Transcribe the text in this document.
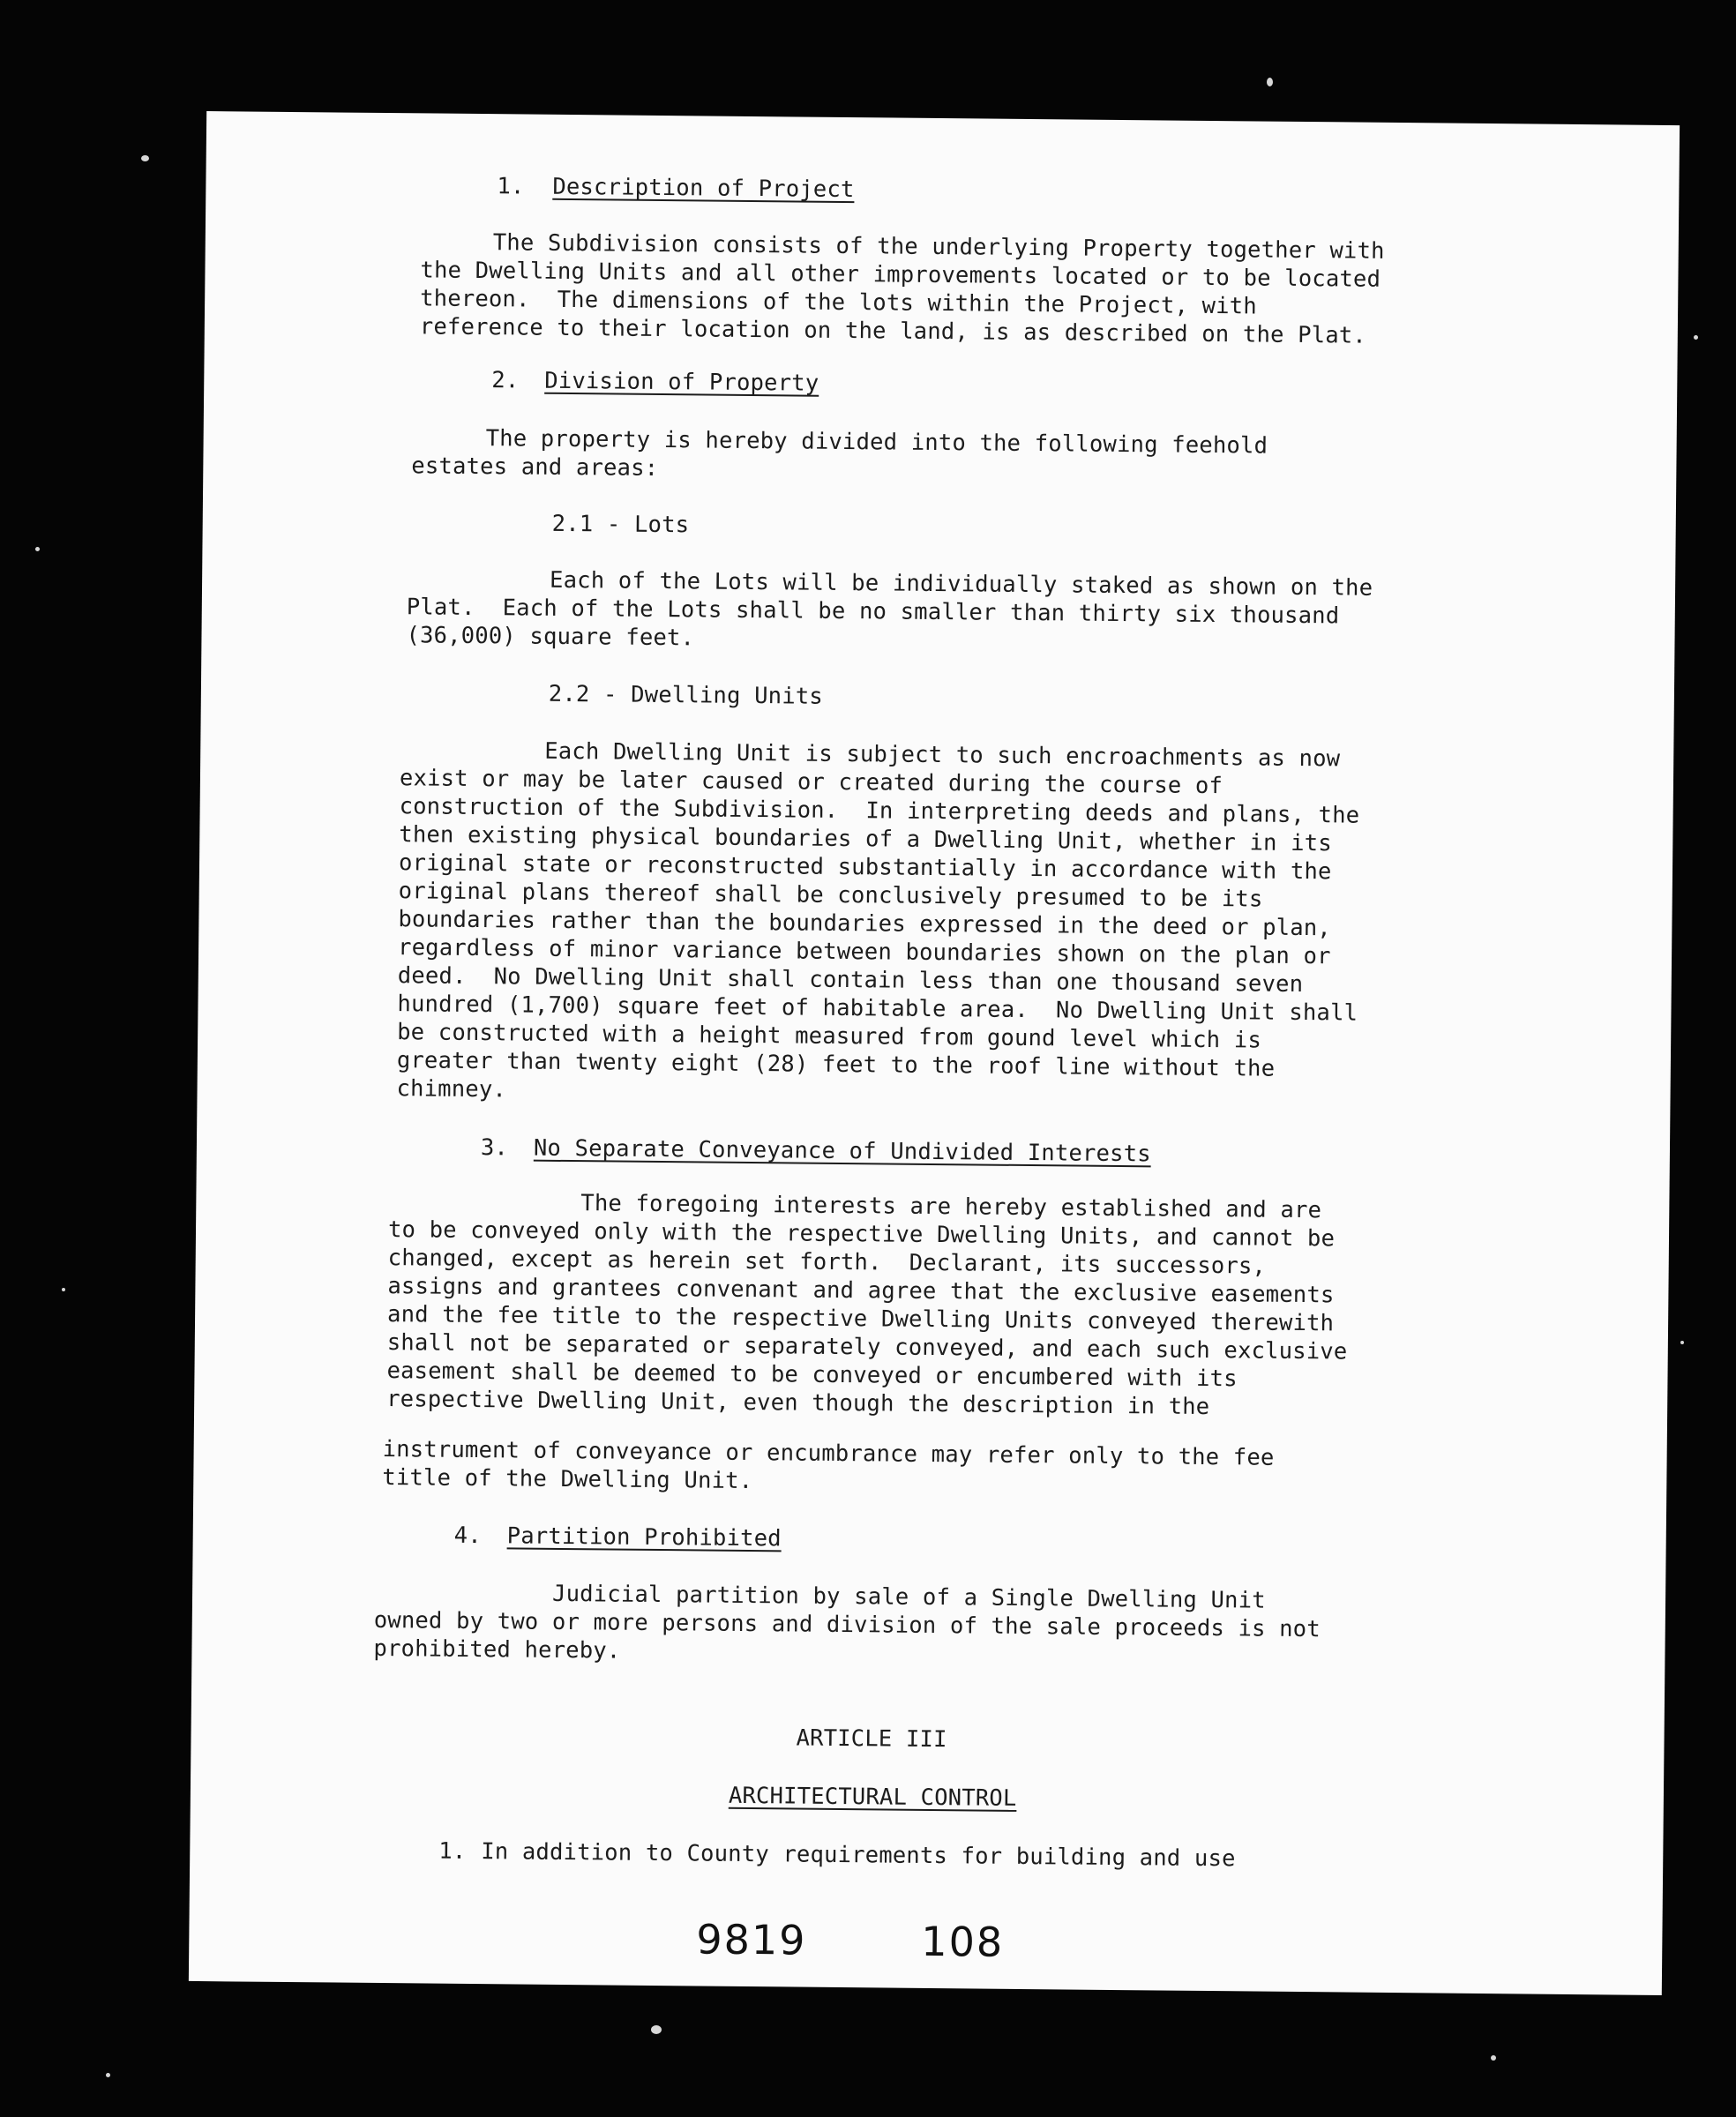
1. Description of Project
The Subdivision consists of the underlying Property together with
the Dwelling Units and all other improvements located or to be located
thereon.  The dimensions of the lots within the Project, with
reference to their location on the land, is as described on the Plat.
2. Division of Property
The property is hereby divided into the following feehold
estates and areas:
2.1 - Lots
Each of the Lots will be individually staked as shown on the
Plat.  Each of the Lots shall be no smaller than thirty six thousand
(36,000) square feet.
2.2 - Dwelling Units
Each Dwelling Unit is subject to such encroachments as now
exist or may be later caused or created during the course of
construction of the Subdivision.  In interpreting deeds and plans, the
then existing physical boundaries of a Dwelling Unit, whether in its
original state or reconstructed substantially in accordance with the
original plans thereof shall be conclusively presumed to be its
boundaries rather than the boundaries expressed in the deed or plan,
regardless of minor variance between boundaries shown on the plan or
deed.  No Dwelling Unit shall contain less than one thousand seven
hundred (1,700) square feet of habitable area.  No Dwelling Unit shall
be constructed with a height measured from gound level which is
greater than twenty eight (28) feet to the roof line without the
chimney.
3. No Separate Conveyance of Undivided Interests
The foregoing interests are hereby established and are
to be conveyed only with the respective Dwelling Units, and cannot be
changed, except as herein set forth.  Declarant, its successors,
assigns and grantees convenant and agree that the exclusive easements
and the fee title to the respective Dwelling Units conveyed therewith
shall not be separated or separately conveyed, and each such exclusive
easement shall be deemed to be conveyed or encumbered with its
respective Dwelling Unit, even though the description in the
instrument of conveyance or encumbrance may refer only to the fee
title of the Dwelling Unit.
4. Partition Prohibited
Judicial partition by sale of a Single Dwelling Unit
owned by two or more persons and division of the sale proceeds is not
prohibited hereby.
ARTICLE III
ARCHITECTURAL CONTROL
1. In addition to County requirements for building and use
9819	108
